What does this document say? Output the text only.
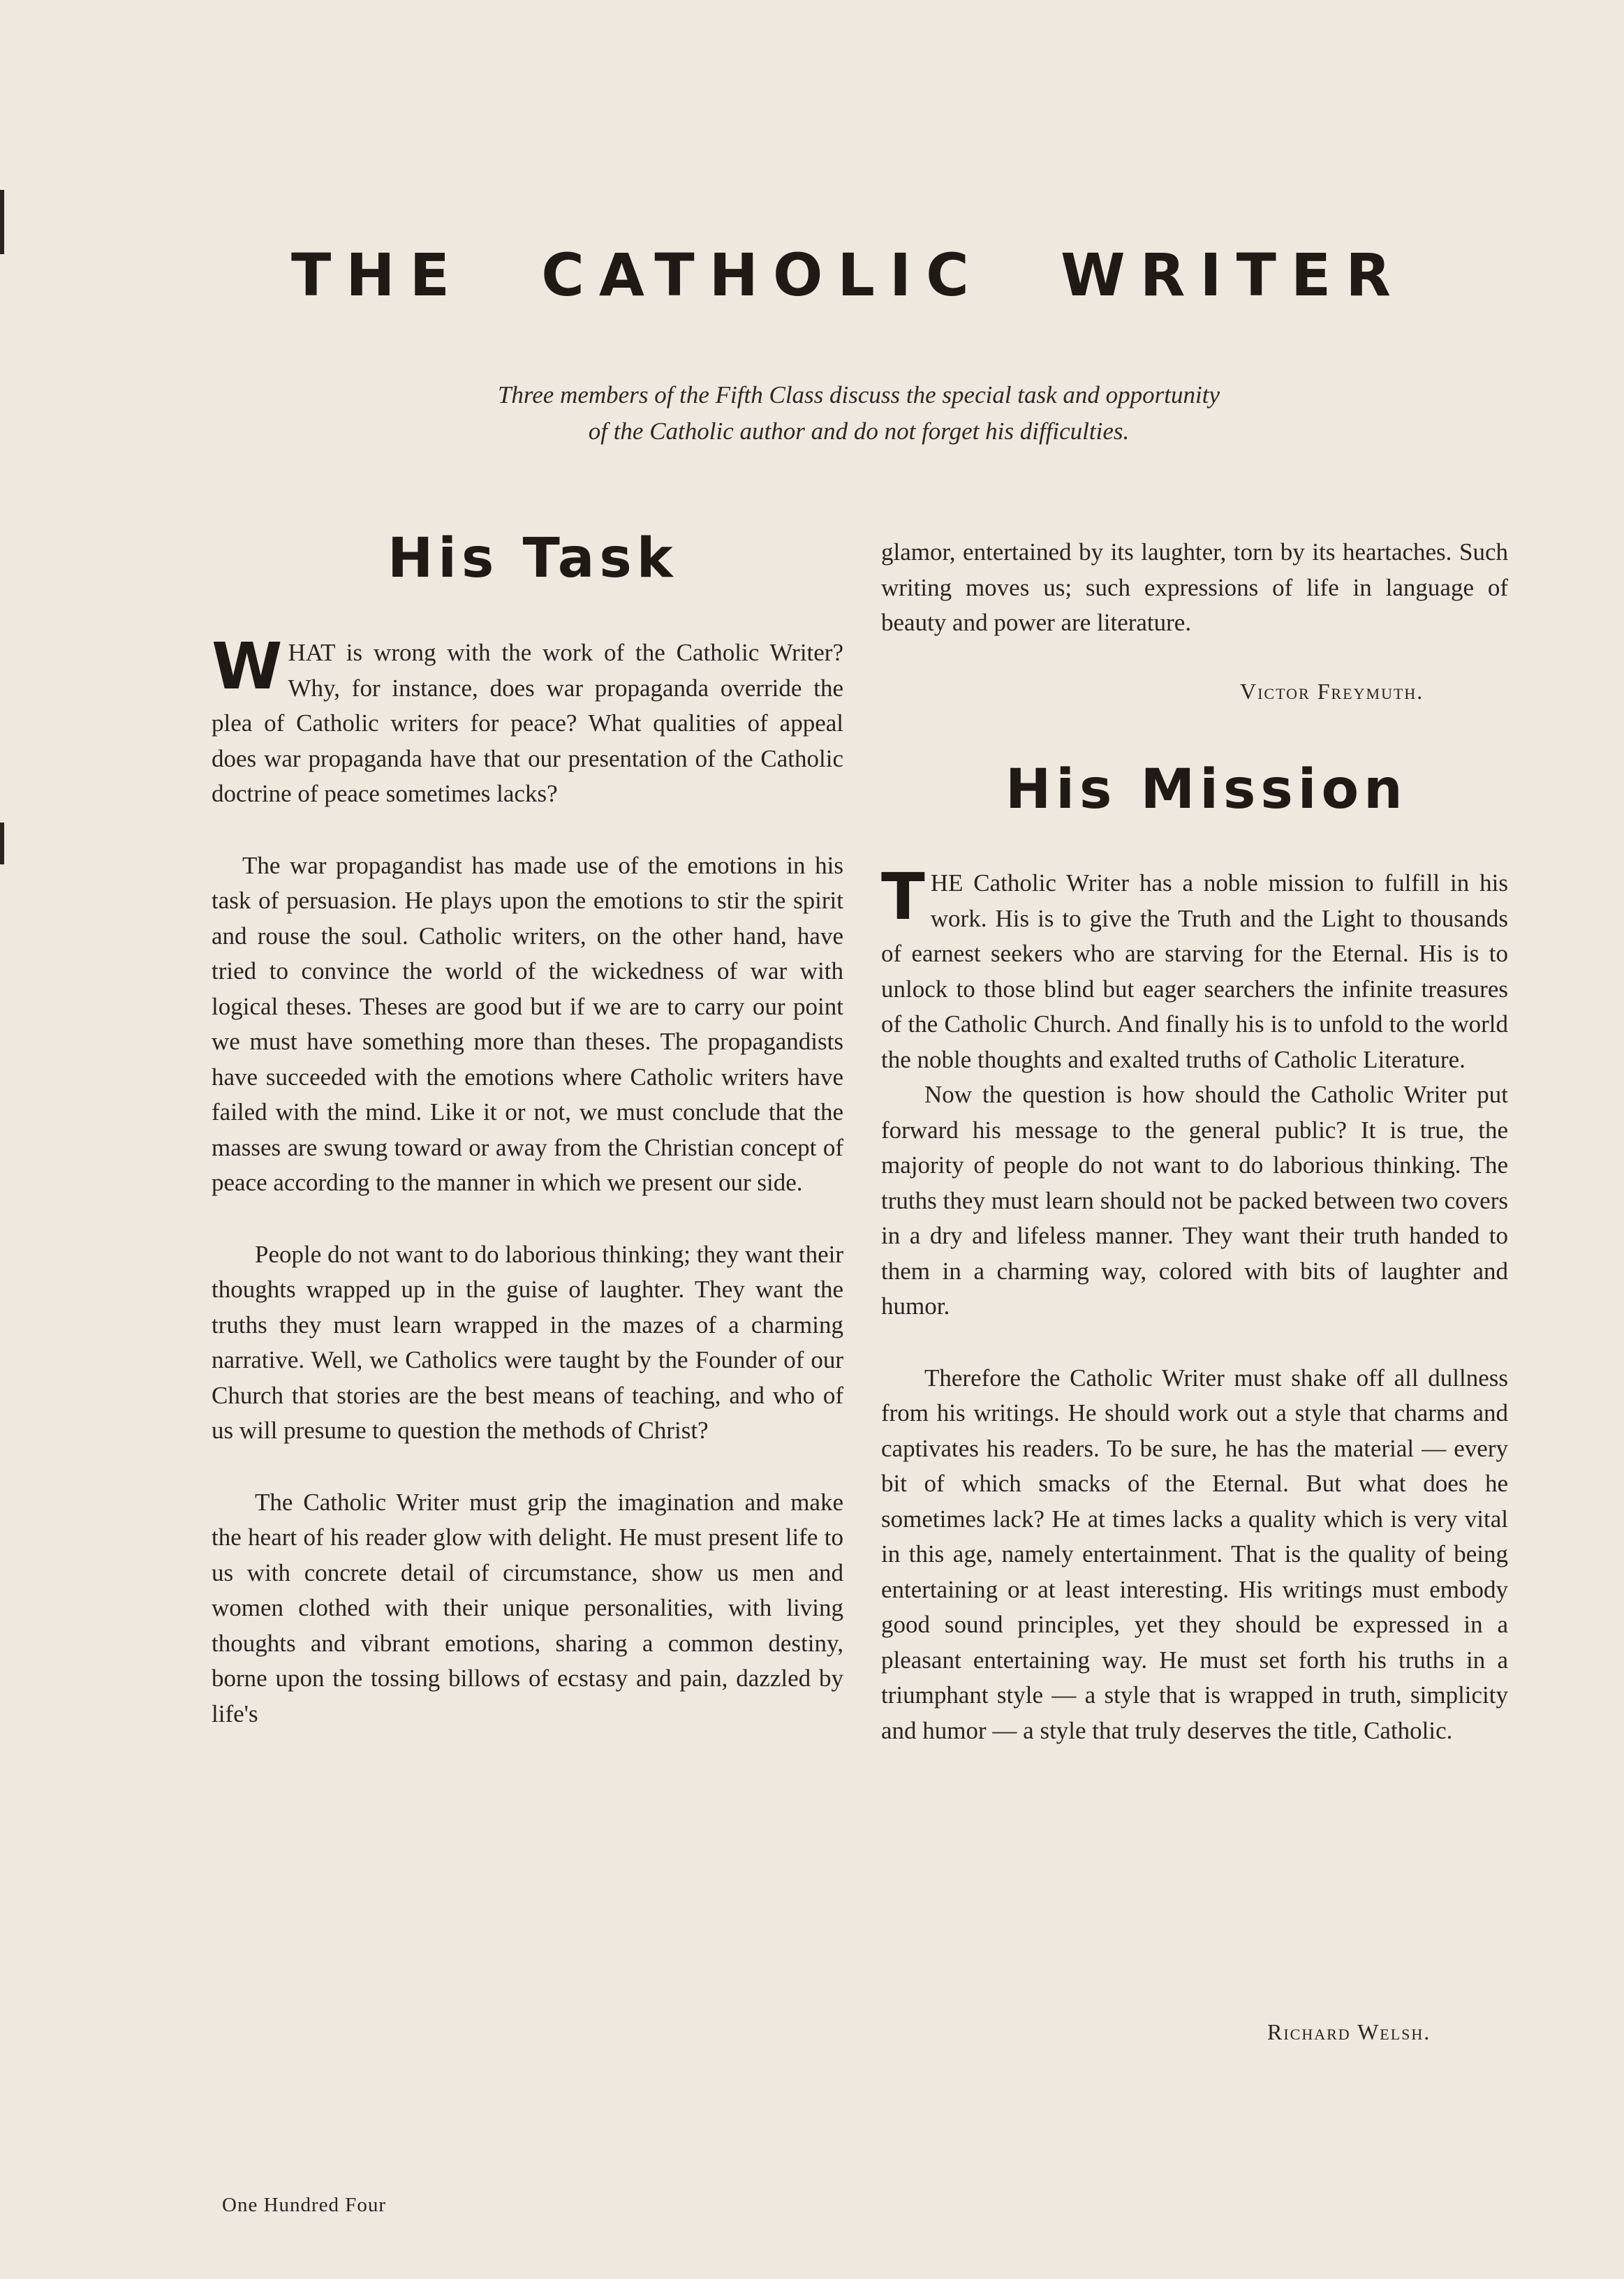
THE CATHOLIC WRITER
Three members of the Fifth Class discuss the special task and opportunity
of the Catholic author and do not forget his difficulties.
His Task

WHAT is wrong with the work of the Catholic Writer? Why, for instance, does war propaganda override the plea of Catholic writers for peace? What qualities of appeal does war propaganda have that our presentation of the Catholic doctrine of peace sometimes lacks?

The war propagandist has made use of the emotions in his task of persuasion. He plays upon the emotions to stir the spirit and rouse the soul. Catholic writers, on the other hand, have tried to convince the world of the wickedness of war with logical theses. Theses are good but if we are to carry our point we must have something more than theses. The propagandists have succeeded with the emotions where Catholic writers have failed with the mind. Like it or not, we must conclude that the masses are swung toward or away from the Christian concept of peace according to the manner in which we present our side.

People do not want to do laborious thinking; they want their thoughts wrapped up in the guise of laughter. They want the truths they must learn wrapped in the mazes of a charming narrative. Well, we Catholics were taught by the Founder of our Church that stories are the best means of teaching, and who of us will presume to question the methods of Christ?

The Catholic Writer must grip the imagination and make the heart of his reader glow with delight. He must present life to us with concrete detail of circumstance, show us men and women clothed with their unique personalities, with living thoughts and vibrant emotions, sharing a common destiny, borne upon the tossing billows of ecstasy and pain, dazzled by life's

glamor, entertained by its laughter, torn by its heartaches. Such writing moves us; such expressions of life in language of beauty and power are literature.

Victor Freymuth.
His Mission

THE Catholic Writer has a noble mission to fulfill in his work. His is to give the Truth and the Light to thousands of earnest seekers who are starving for the Eternal. His is to unlock to those blind but eager searchers the infinite treasures of the Catholic Church. And finally his is to unfold to the world the noble thoughts and exalted truths of Catholic Literature.

Now the question is how should the Catholic Writer put forward his message to the general public? It is true, the majority of people do not want to do laborious thinking. The truths they must learn should not be packed between two covers in a dry and lifeless manner. They want their truth handed to them in a charming way, colored with bits of laughter and humor.

Therefore the Catholic Writer must shake off all dullness from his writings. He should work out a style that charms and captivates his readers. To be sure, he has the material — every bit of which smacks of the Eternal. But what does he sometimes lack? He at times lacks a quality which is very vital in this age, namely entertainment. That is the quality of being entertaining or at least interesting. His writings must embody good sound principles, yet they should be expressed in a pleasant entertaining way. He must set forth his truths in a triumphant style — a style that is wrapped in truth, simplicity and humor — a style that truly deserves the title, Catholic.

Richard Welsh.
One Hundred Four
